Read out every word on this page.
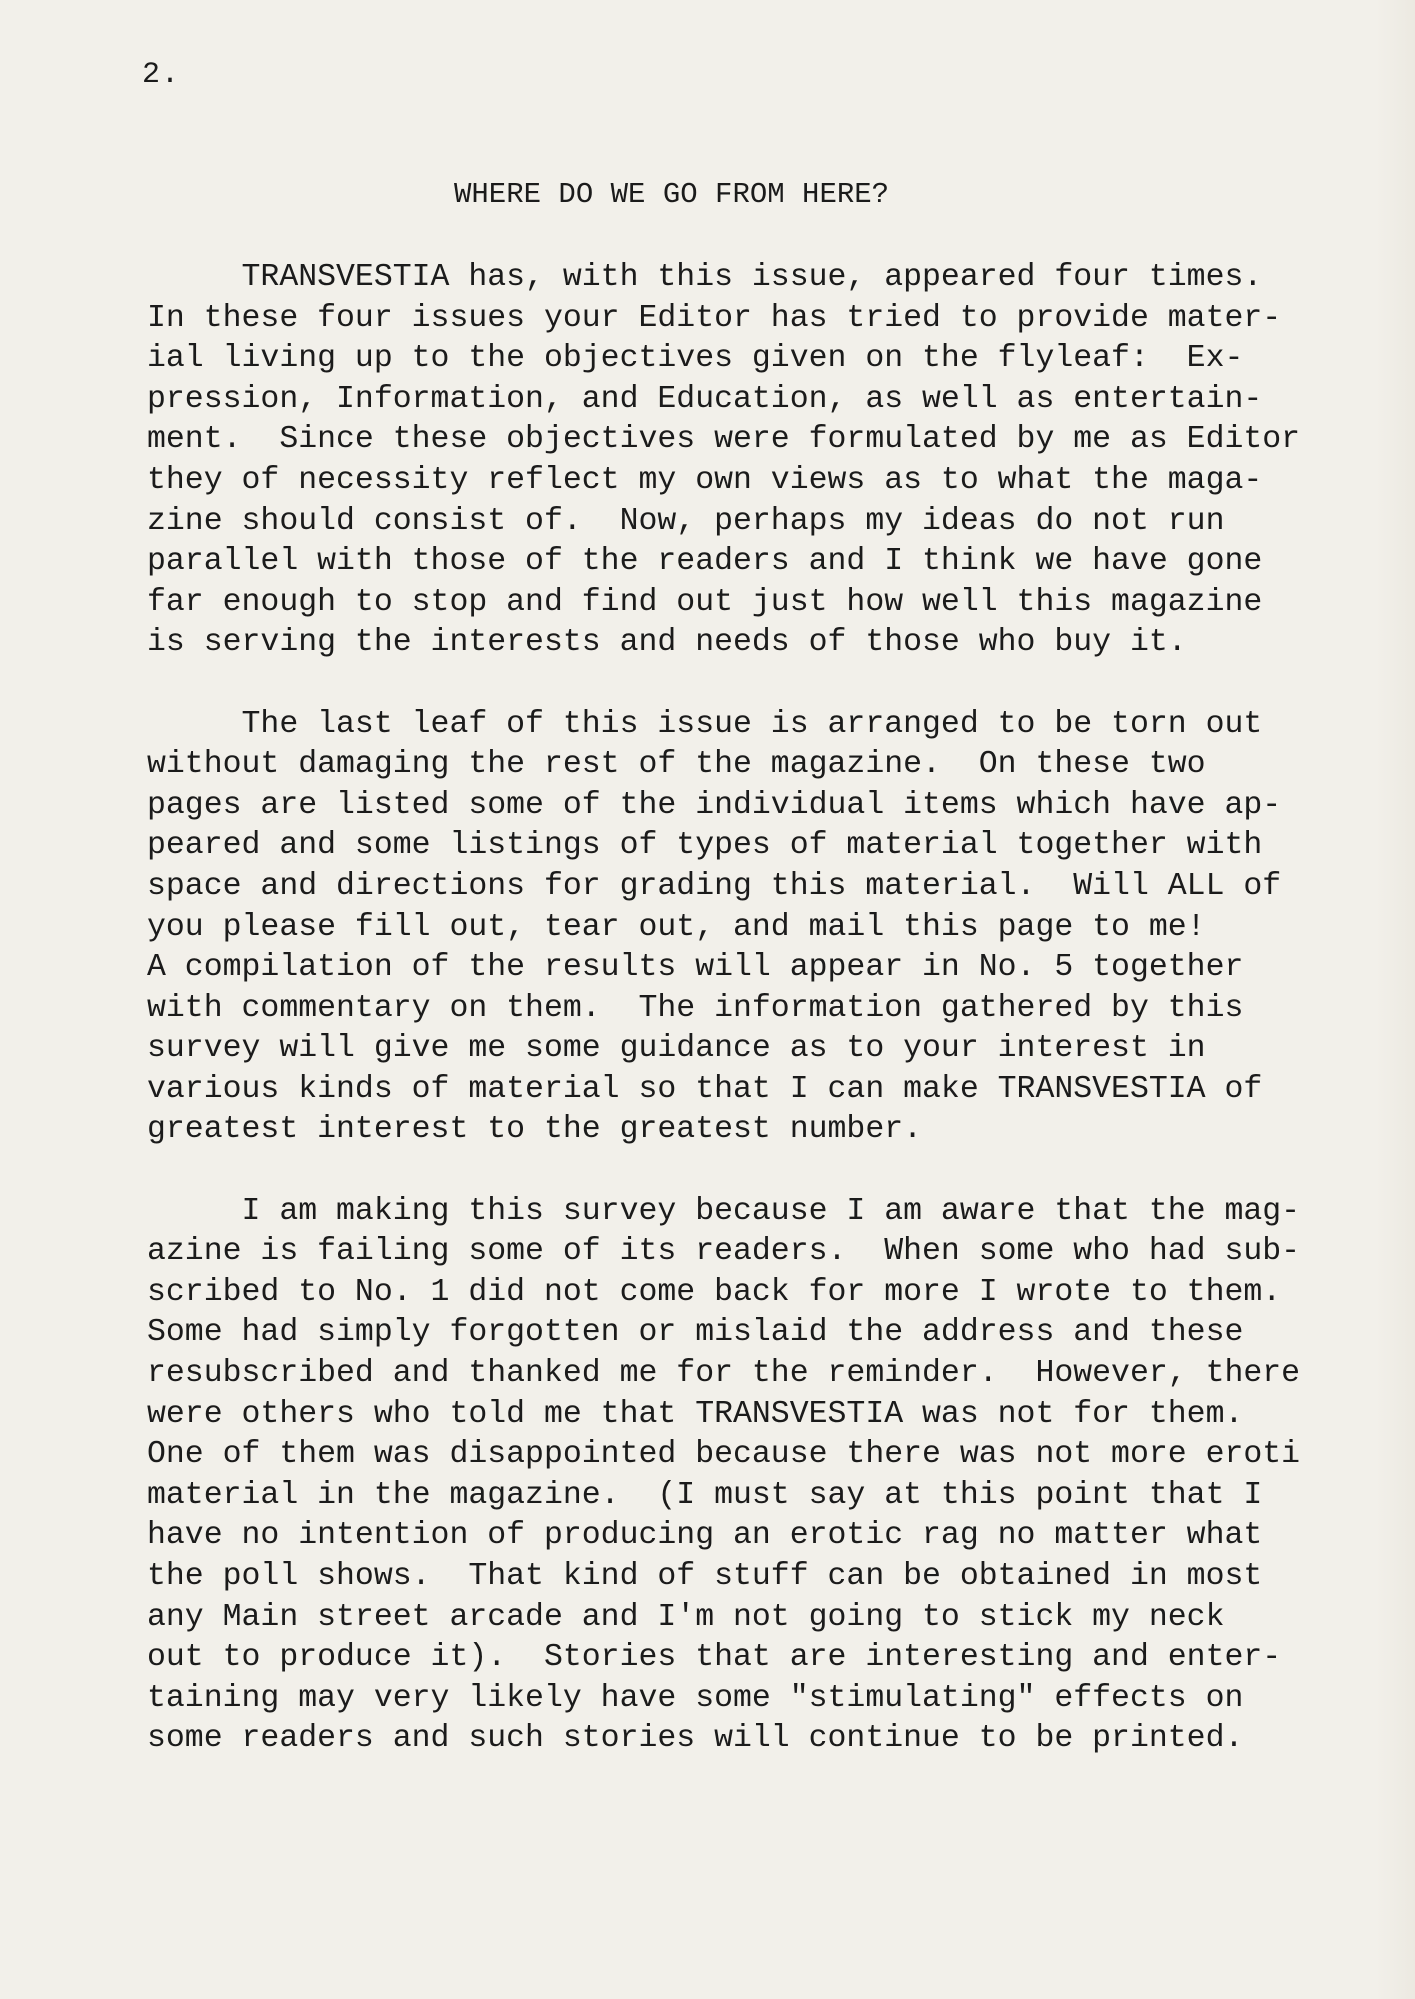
2.

WHERE DO WE GO FROM HERE?
TRANSVESTIA has, with this issue, appeared four times.
In these four issues your Editor has tried to provide mater-
ial living up to the objectives given on the flyleaf:  Ex-
pression, Information, and Education, as well as entertain-
ment.  Since these objectives were formulated by me as Editor
they of necessity reflect my own views as to what the maga-
zine should consist of.  Now, perhaps my ideas do not run
parallel with those of the readers and I think we have gone
far enough to stop and find out just how well this magazine
is serving the interests and needs of those who buy it.
The last leaf of this issue is arranged to be torn out
without damaging the rest of the magazine.  On these two
pages are listed some of the individual items which have ap-
peared and some listings of types of material together with
space and directions for grading this material.  Will ALL of
you please fill out, tear out, and mail this page to me!
A compilation of the results will appear in No. 5 together
with commentary on them.  The information gathered by this
survey will give me some guidance as to your interest in
various kinds of material so that I can make TRANSVESTIA of
greatest interest to the greatest number.
I am making this survey because I am aware that the mag-
azine is failing some of its readers.  When some who had sub-
scribed to No. 1 did not come back for more I wrote to them.
Some had simply forgotten or mislaid the address and these
resubscribed and thanked me for the reminder.  However, there
were others who told me that TRANSVESTIA was not for them.
One of them was disappointed because there was not more eroti
material in the magazine.  (I must say at this point that I
have no intention of producing an erotic rag no matter what
the poll shows.  That kind of stuff can be obtained in most
any Main street arcade and I'm not going to stick my neck
out to produce it).  Stories that are interesting and enter-
taining may very likely have some "stimulating" effects on
some readers and such stories will continue to be printed.
